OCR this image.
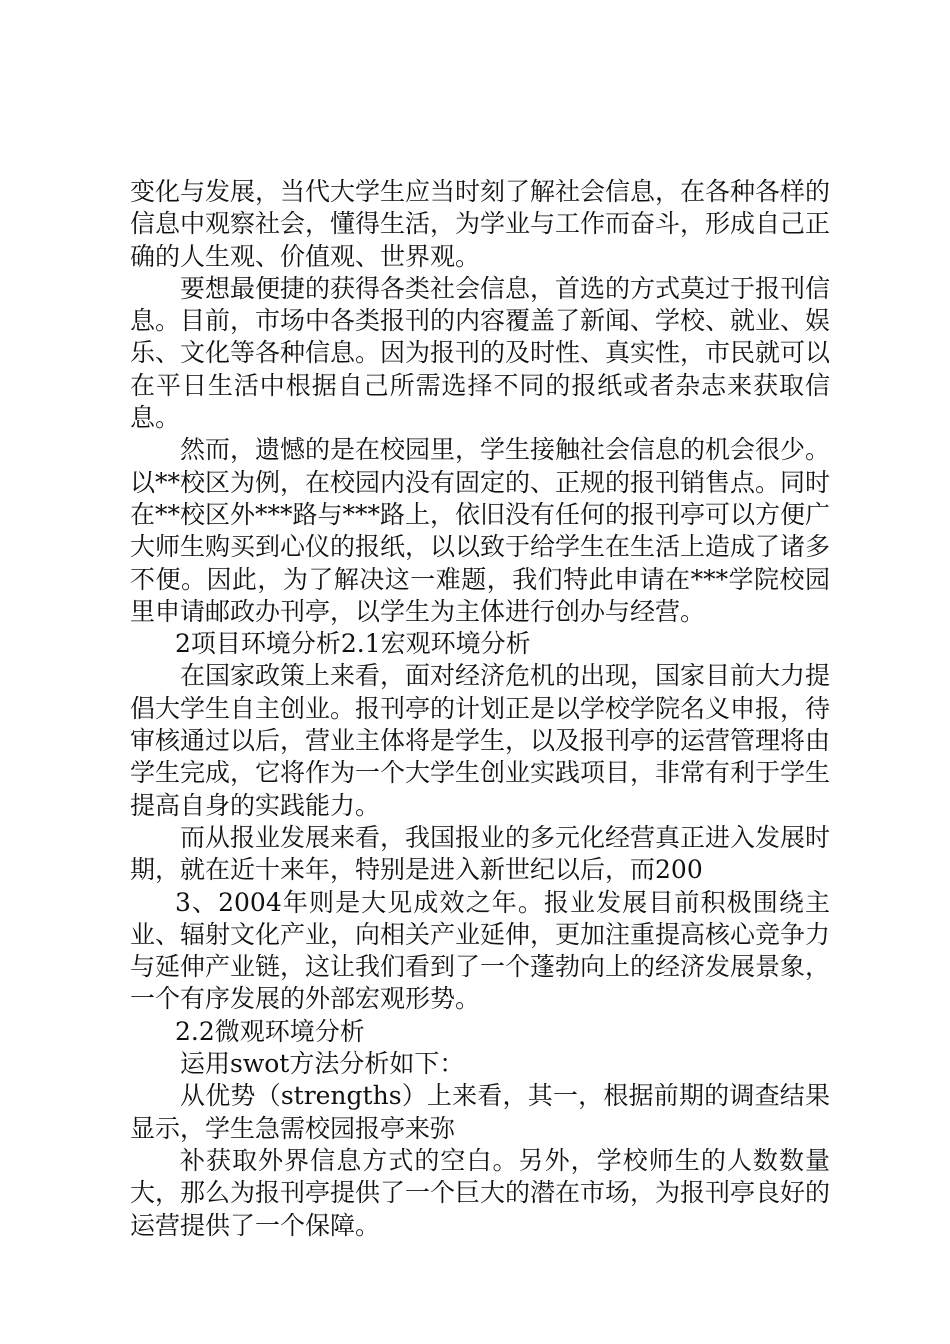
变化与发展，当代大学生应当时刻了解社会信息，在各种各样的信息中观察社会，懂得生活，为学业与工作而奋斗，形成自己正确的人生观、价值观、世界观。

要想最便捷的获得各类社会信息，首选的方式莫过于报刊信息。目前，市场中各类报刊的内容覆盖了新闻、学校、就业、娱乐、文化等各种信息。因为报刊的及时性、真实性，市民就可以在平日生活中根据自己所需选择不同的报纸或者杂志来获取信息。

然而，遗憾的是在校园里，学生接触社会信息的机会很少。以**校区为例，在校园内没有固定的、正规的报刊销售点。同时在**校区外***路与***路上，依旧没有任何的报刊亭可以方便广大师生购买到心仪的报纸，以以致于给学生在生活上造成了诸多不便。因此，为了解决这一难题，我们特此申请在***学院校园里申请邮政办刊亭，以学生为主体进行创办与经营。

2项目环境分析2.1宏观环境分析

在国家政策上来看，面对经济危机的出现，国家目前大力提倡大学生自主创业。报刊亭的计划正是以学校学院名义申报，待审核通过以后，营业主体将是学生，以及报刊亭的运营管理将由学生完成，它将作为一个大学生创业实践项目，非常有利于学生提高自身的实践能力。

而从报业发展来看，我国报业的多元化经营真正进入发展时期，就在近十来年，特别是进入新世纪以后，而200

3、2004年则是大见成效之年。报业发展目前积极围绕主业、辐射文化产业，向相关产业延伸，更加注重提高核心竞争力与延伸产业链，这让我们看到了一个蓬勃向上的经济发展景象，一个有序发展的外部宏观形势。

2.2微观环境分析

运用swot方法分析如下：

从优势（strengths）上来看，其一，根据前期的调查结果显示，学生急需校园报亭来弥

补获取外界信息方式的空白。另外，学校师生的人数数量大，那么为报刊亭提供了一个巨大的潜在市场，为报刊亭良好的运营提供了一个保障。
